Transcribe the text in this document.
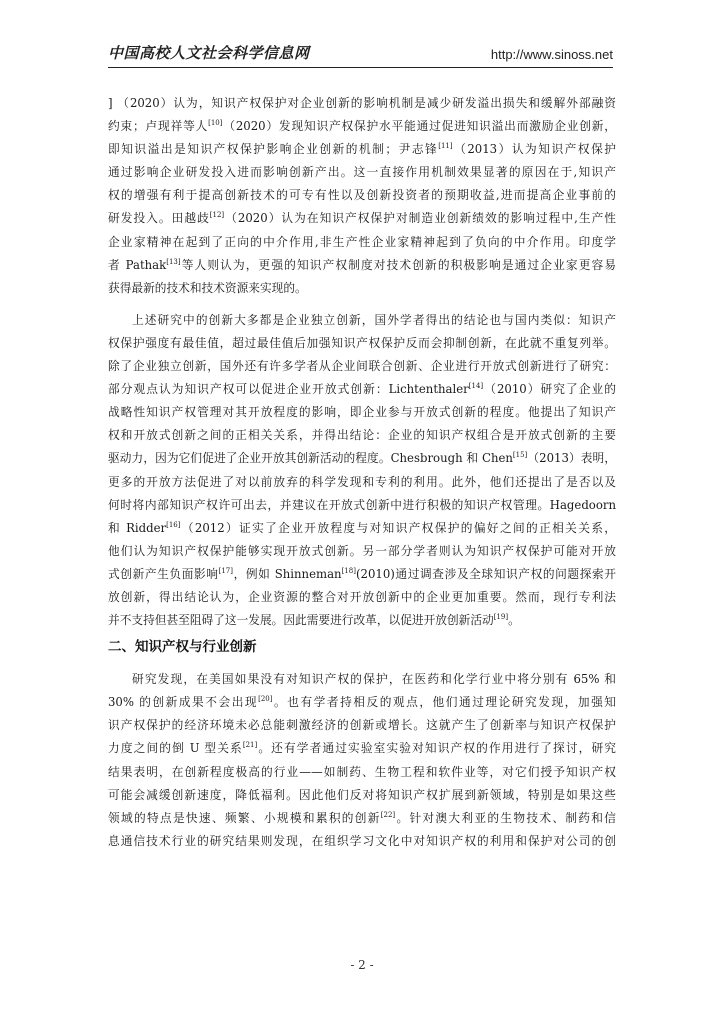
中国高校人文社会科学信息网	http://www.sinoss.net
] （2020）认为，知识产权保护对企业创新的影响机制是减少研发溢出损失和缓解外部融资
约束；卢现祥等人[10]（2020）发现知识产权保护水平能通过促进知识溢出而激励企业创新，
即知识溢出是知识产权保护影响企业创新的机制；尹志锋[11]（2013）认为知识产权保护
通过影响企业研发投入进而影响创新产出。这一直接作用机制效果显著的原因在于,知识产
权的增强有利于提高创新技术的可专有性以及创新投资者的预期收益,进而提高企业事前的
研发投入。田越歧[12]（2020）认为在知识产权保护对制造业创新绩效的影响过程中,生产性
企业家精神在起到了正向的中介作用,非生产性企业家精神起到了负向的中介作用。印度学
者 Pathak[13]等人则认为，更强的知识产权制度对技术创新的积极影响是通过企业家更容易
获得最新的技术和技术资源来实现的。
上述研究中的创新大多都是企业独立创新，国外学者得出的结论也与国内类似：知识产
权保护强度有最佳值，超过最佳值后加强知识产权保护反而会抑制创新，在此就不重复列举。
除了企业独立创新，国外还有许多学者从企业间联合创新、企业进行开放式创新进行了研究：
部分观点认为知识产权可以促进企业开放式创新：Lichtenthaler[14]（2010）研究了企业的
战略性知识产权管理对其开放程度的影响，即企业参与开放式创新的程度。他提出了知识产
权和开放式创新之间的正相关关系，并得出结论：企业的知识产权组合是开放式创新的主要
驱动力，因为它们促进了企业开放其创新活动的程度。Chesbrough 和 Chen[15]（2013）表明，
更多的开放方法促进了对以前放弃的科学发现和专利的利用。此外，他们还提出了是否以及
何时将内部知识产权许可出去，并建议在开放式创新中进行积极的知识产权管理。Hagedoorn
和 Ridder[16]（2012）证实了企业开放程度与对知识产权保护的偏好之间的正相关关系，
他们认为知识产权保护能够实现开放式创新。另一部分学者则认为知识产权保护可能对开放
式创新产生负面影响[17]，例如 Shinneman[18](2010)通过调查涉及全球知识产权的问题探索开
放创新，得出结论认为，企业资源的整合对开放创新中的企业更加重要。然而，现行专利法
并不支持但甚至阻碍了这一发展。因此需要进行改革，以促进开放创新活动[19]。
二、知识产权与行业创新
研究发现，在美国如果没有对知识产权的保护，在医药和化学行业中将分别有 65% 和
30% 的创新成果不会出现[20]。也有学者持相反的观点，他们通过理论研究发现，加强知
识产权保护的经济环境未必总能刺激经济的创新或增长。这就产生了创新率与知识产权保护
力度之间的倒 U 型关系[21]。还有学者通过实验室实验对知识产权的作用进行了探讨，研究
结果表明，在创新程度极高的行业——如制药、生物工程和软件业等，对它们授予知识产权
可能会减缓创新速度，降低福利。因此他们反对将知识产权扩展到新领域，特别是如果这些
领域的特点是快速、频繁、小规模和累积的创新[22]。针对澳大利亚的生物技术、制药和信
息通信技术行业的研究结果则发现，在组织学习文化中对知识产权的利用和保护对公司的创
- 2 -
